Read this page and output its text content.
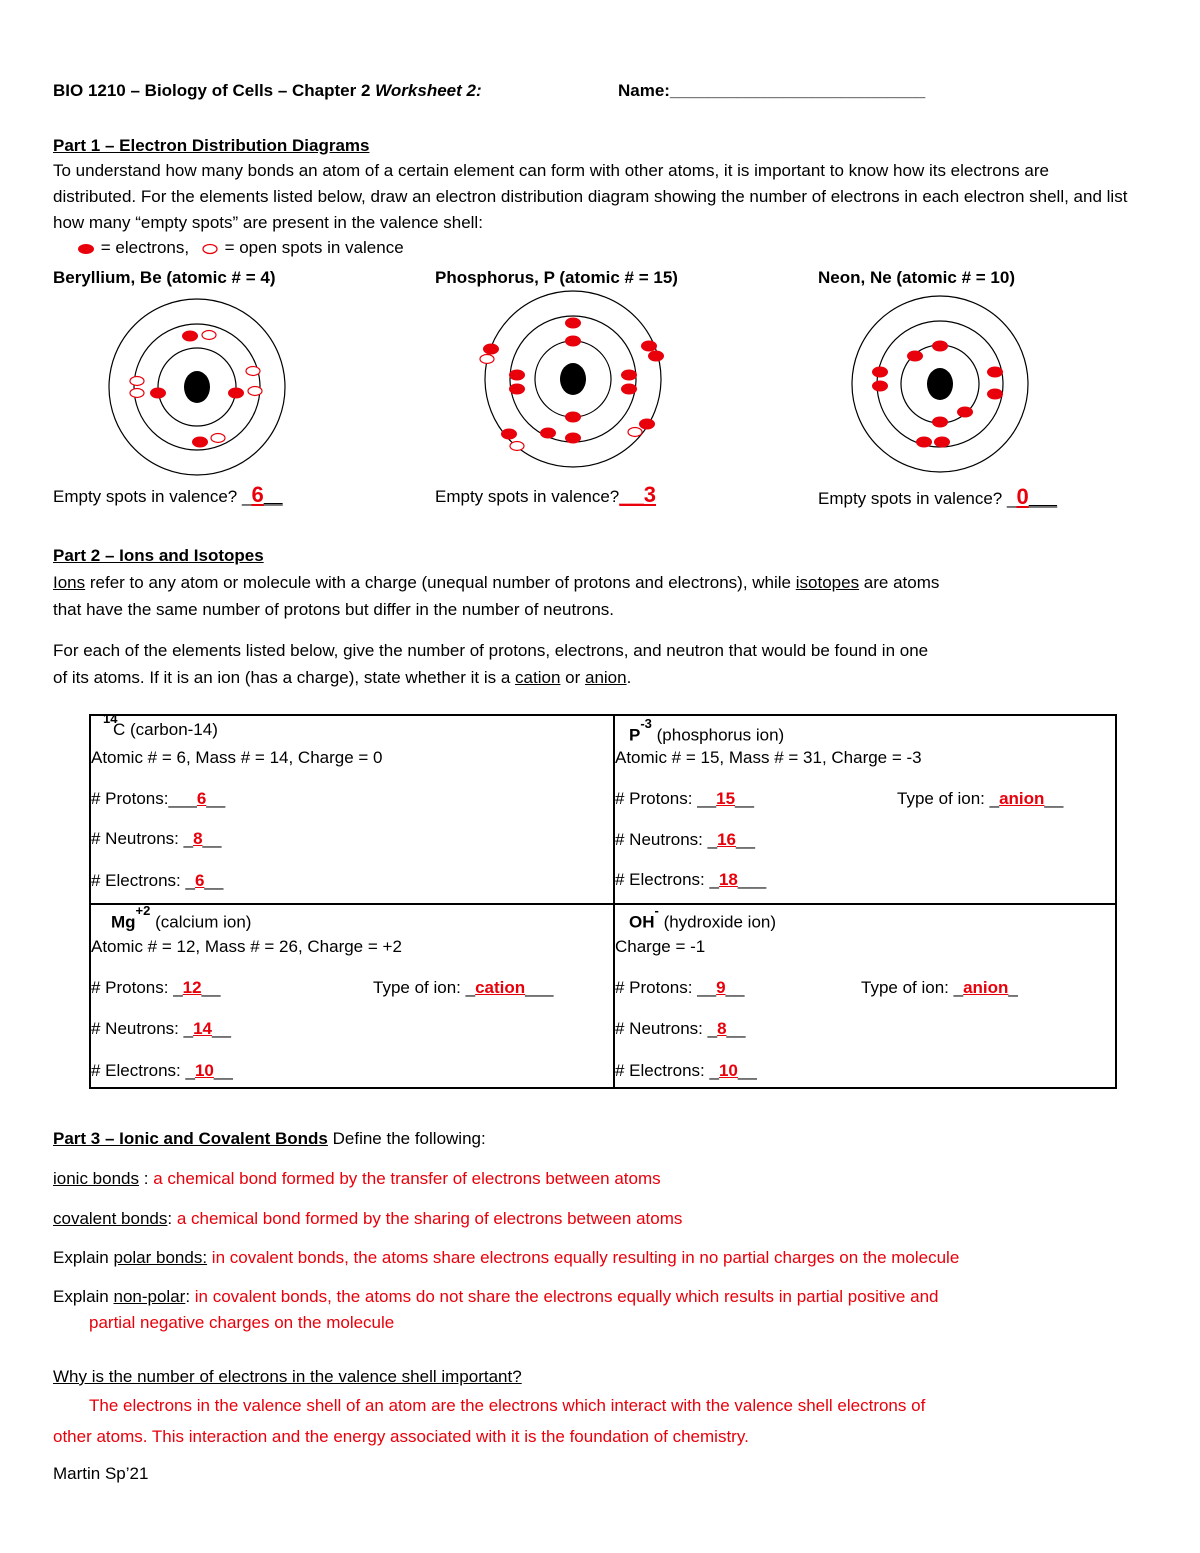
BIO 1210 – Biology of Cells – Chapter 2 Worksheet 2:	Name:___________________________
Part 1 – Electron Distribution Diagrams
To understand how many bonds an atom of a certain element can form with other atoms, it is important to know how its electrons are distributed. For the elements listed below, draw an electron distribution diagram showing the number of electrons in each electron shell, and list how many “empty spots” are present in the valence shell:
= electrons, = open spots in valence
Beryllium, Be (atomic # = 4)	Phosphorus, P (atomic # = 15)	Neon, Ne (atomic # = 10)
Empty spots in valence? _6__	Empty spots in valence?__3	Empty spots in valence? _0___
Part 2 – Ions and Isotopes
Ions refer to any atom or molecule with a charge (unequal number of protons and electrons), while isotopes are atoms
that have the same number of protons but differ in the number of neutrons.
For each of the elements listed below, give the number of protons, electrons, and neutron that would be found in one
of its atoms. If it is an ion (has a charge), state whether it is a cation or anion.
14
C (carbon-14)
Atomic # = 6, Mass # = 14, Charge = 0
# Protons:___6__
# Neutrons: _8__
# Electrons: _6__
$P^{-3}$ (phosphorus ion)
Atomic # = 15, Mass # = 31, Charge = -3
# Protons: __15__	Type of ion: _anion__
# Neutrons: _16__
# Electrons: _18___
$Mg^{+2}$ (calcium ion)
Atomic # = 12, Mass # = 26, Charge = +2
# Protons: _12__	Type of ion: _cation___
# Neutrons: _14__
# Electrons: _10__
OH- (hydroxide ion)
Charge = -1
# Protons: __9__	Type of ion: _anion_
# Neutrons: _8__
# Electrons: _10__
Part 3 – Ionic and Covalent Bonds Define the following:
ionic bonds : a chemical bond formed by the transfer of electrons between atoms
covalent bonds: a chemical bond formed by the sharing of electrons between atoms
Explain polar bonds: in covalent bonds, the atoms share electrons equally resulting in no partial charges on the molecule
Explain non-polar: in covalent bonds, the atoms do not share the electrons equally which results in partial positive and
partial negative charges on the molecule
Why is the number of electrons in the valence shell important?
The electrons in the valence shell of an atom are the electrons which interact with the valence shell electrons of
other atoms. This interaction and the energy associated with it is the foundation of chemistry.
Martin Sp’21
